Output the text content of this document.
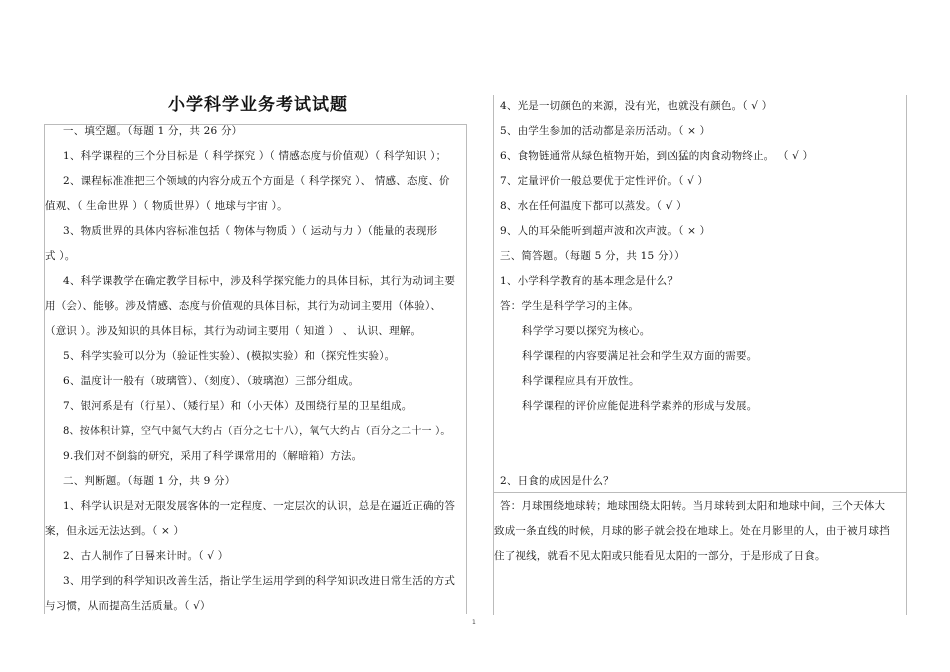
小学科学业务考试试题
一、填空题。（每题 1 分，共 26 分）
1、科学课程的三个分目标是（ 科学探究 ）（ 情感态度与价值观）（ 科学知识 ）；
2、课程标准准把三个领域的内容分成五个方面是（ 科学探究 ）、 情感、态度、价
值观、（ 生命世界 ）（ 物质世界）（ 地球与宇宙 ）。
3、物质世界的具体内容标准包括（ 物体与物质 ）（ 运动与力 ）（能量的表现形
式 ）。
4、科学课教学在确定教学目标中，涉及科学探究能力的具体目标，其行为动词主要
用（会）、能够。涉及情感、态度与价值观的具体目标，其行为动词主要用（体验）、
（意识 ）。涉及知识的具体目标，其行为动词主要用（ 知道 ） 、 认识、理解。
5、科学实验可以分为（验证性实验）、(模拟实验）和（探究性实验）。
6、温度计一般有（玻璃管）、（刻度）、（玻璃泡）三部分组成。
7、银河系是有（行星）、（矮行星）和（小天体）及围绕行星的卫星组成。
8、按体积计算，空气中氮气大约占（百分之七十八），氧气大约占（百分之二十一 ）。
9.我们对不倒翁的研究，采用了科学课常用的（解暗箱）方法。
二、判断题。（每题 1 分，共 9 分）
1、科学认识是对无限发展客体的一定程度、一定层次的认识，总是在逼近正确的答
案，但永远无法达到。（ × ）
2、古人制作了日晷来计时。（ √ ）
3、用学到的科学知识改善生活，指让学生运用学到的科学知识改进日常生活的方式
与习惯，从而提高生活质量。（ √）
4、光是一切颜色的来源，没有光，也就没有颜色。（ √ ）
5、由学生参加的活动都是亲历活动。（ × ）
6、食物链通常从绿色植物开始，到凶猛的肉食动物终止。 （ √ ）
7、定量评价一般总要优于定性评价。（ √ ）
8、水在任何温度下都可以蒸发。（ √ ）
9、人的耳朵能听到超声波和次声波。（ × ）
三、简答题。（每题 5 分，共 15 分））
1、小学科学教育的基本理念是什么？
答：学生是科学学习的主体。
科学学习要以探究为核心。
科学课程的内容要满足社会和学生双方面的需要。
科学课程应具有开放性。
科学课程的评价应能促进科学素养的形成与发展。
2、日食的成因是什么？
答：月球围绕地球转；地球围绕太阳转。当月球转到太阳和地球中间，三个天体大
致成一条直线的时候，月球的影子就会投在地球上。处在月影里的人，由于被月球挡
住了视线，就看不见太阳或只能看见太阳的一部分，于是形成了日食。
1
